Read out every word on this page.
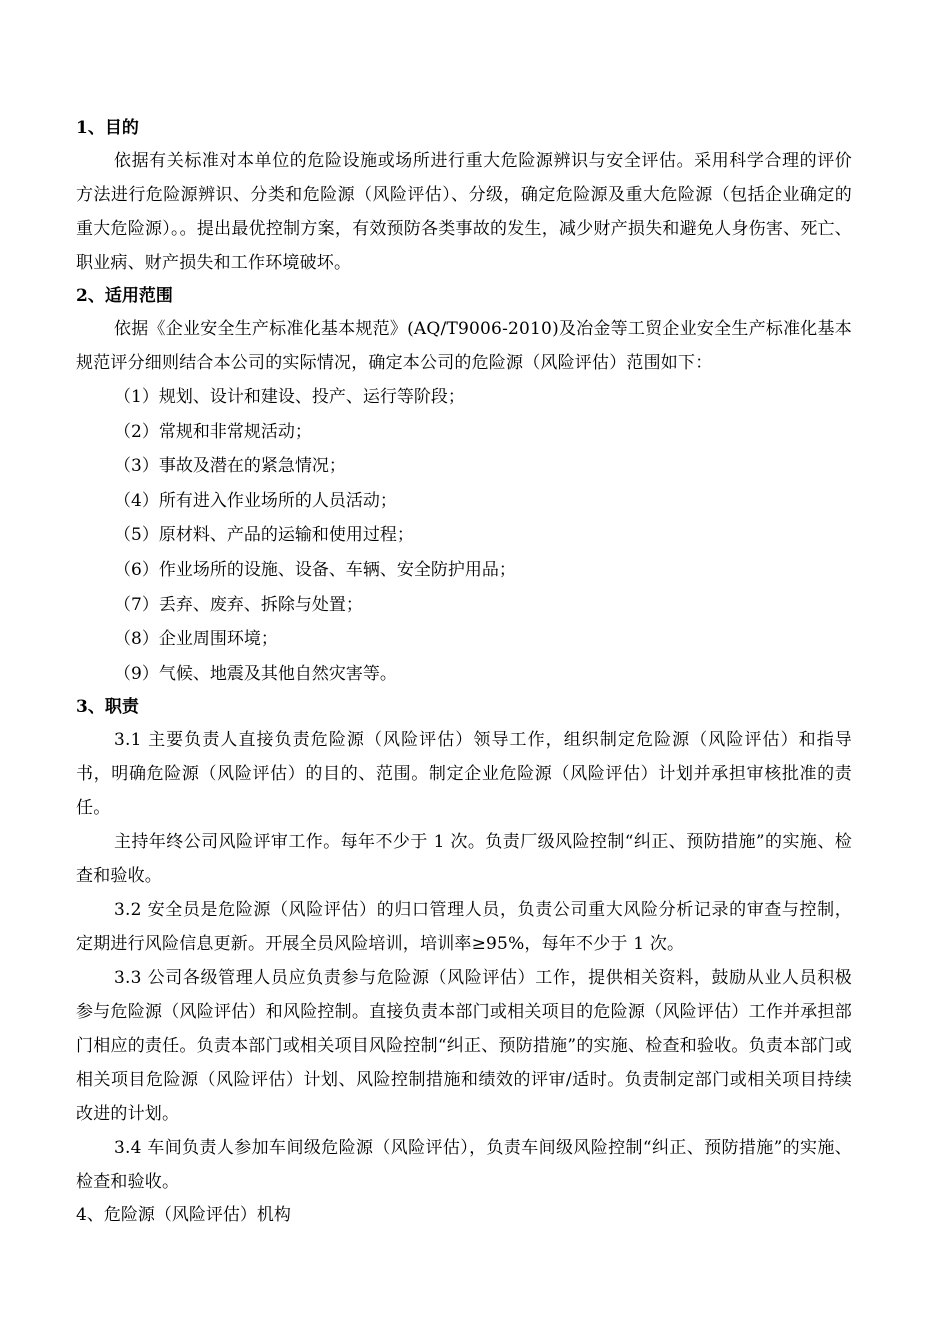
1、目的

依据有关标准对本单位的危险设施或场所进行重大危险源辨识与安全评估。采用科学合理的评价方法进行危险源辨识、分类和危险源（风险评估）、分级，确定危险源及重大危险源（包括企业确定的重大危险源）。。提出最优控制方案，有效预防各类事故的发生，减少财产损失和避免人身伤害、死亡、职业病、财产损失和工作环境破坏。

2、适用范围

依据《企业安全生产标准化基本规范》(AQ/T9006-2010)及冶金等工贸企业安全生产标准化基本规范评分细则结合本公司的实际情况，确定本公司的危险源（风险评估）范围如下：

（1）规划、设计和建设、投产、运行等阶段；

（2）常规和非常规活动；

（3）事故及潜在的紧急情况；

（4）所有进入作业场所的人员活动；

（5）原材料、产品的运输和使用过程；

（6）作业场所的设施、设备、车辆、安全防护用品；

（7）丢弃、废弃、拆除与处置；

（8）企业周围环境；

（9）气候、地震及其他自然灾害等。

3、职责

3.1 主要负责人直接负责危险源（风险评估）领导工作，组织制定危险源（风险评估）和指导书，明确危险源（风险评估）的目的、范围。制定企业危险源（风险评估）计划并承担审核批准的责任。

主持年终公司风险评审工作。每年不少于 1 次。负责厂级风险控制“纠正、预防措施”的实施、检查和验收。

3.2 安全员是危险源（风险评估）的归口管理人员，负责公司重大风险分析记录的审查与控制，定期进行风险信息更新。开展全员风险培训，培训率≥95%，每年不少于 1 次。

3.3 公司各级管理人员应负责参与危险源（风险评估）工作，提供相关资料，鼓励从业人员积极参与危险源（风险评估）和风险控制。直接负责本部门或相关项目的危险源（风险评估）工作并承担部门相应的责任。负责本部门或相关项目风险控制“纠正、预防措施”的实施、检查和验收。负责本部门或相关项目危险源（风险评估）计划、风险控制措施和绩效的评审/适时。负责制定部门或相关项目持续改进的计划。

3.4 车间负责人参加车间级危险源（风险评估），负责车间级风险控制“纠正、预防措施”的实施、检查和验收。

4、危险源（风险评估）机构
